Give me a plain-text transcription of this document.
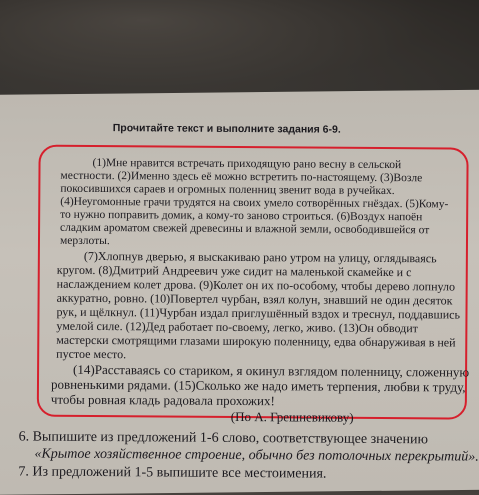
Прочитайте текст и выполните задания 6-9.
(1)Мне нравится встречать приходящую рано весну в сельской
местности. (2)Именно здесь её можно встретить по-настоящему. (3)Возле
покосившихся сараев и огромных поленниц звенит вода в ручейках.
(4)Неугомонные грачи трудятся на своих умело сотворённых гнёздах. (5)Кому-
то нужно поправить домик, а кому-то заново строиться. (6)Воздух напоён
сладким ароматом свежей древесины и влажной земли, освободившейся от
мерзлоты.
(7)Хлопнув дверью, я выскакиваю рано утром на улицу, оглядываясь
кругом. (8)Дмитрий Андреевич уже сидит на маленькой скамейке и с
наслаждением колет дрова. (9)Колет он их по-особому, чтобы дерево лопнуло
аккуратно, ровно. (10)Повертел чурбан, взял колун, знавший не один десяток
рук, и щёлкнул. (11)Чурбан издал приглушённый вздох и треснул, поддавшись
умелой силе. (12)Дед работает по-своему, легко, живо. (13)Он обводит
мастерски смотрящими глазами широкую поленницу, едва обнаруживая в ней
пустое место.
(14)Расставаясь со стариком, я окинул взглядом поленницу, сложенную
ровненькими рядами. (15)Сколько же надо иметь терпения, любви к труду,
чтобы ровная кладь радовала прохожих!
(По А. Грешневикову)
6. Выпишите из предложений 1-6 слово, соответствующее значению
«Крытое хозяйственное строение, обычно без потолочных перекрытий».
7. Из предложений 1-5 выпишите все местоимения.
